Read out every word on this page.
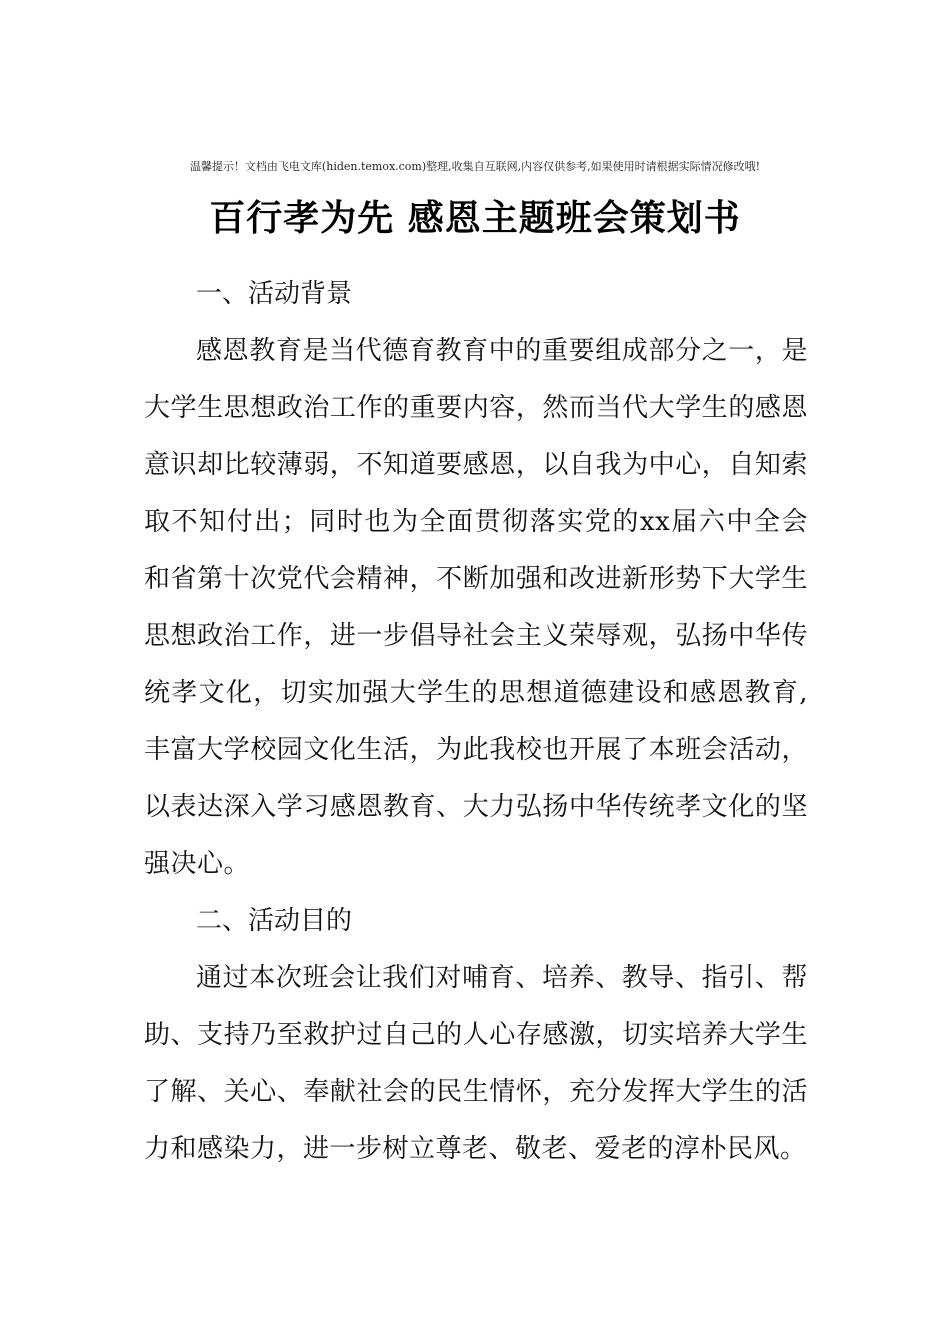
温馨提示！文档由飞电文库(hiden.temox.com)整理,收集自互联网,内容仅供参考,如果使用时请根据实际情况修改哦!
百行孝为先 感恩主题班会策划书

一、活动背景

感恩教育是当代德育教育中的重要组成部分之一，是大学生思想政治工作的重要内容，然而当代大学生的感恩意识却比较薄弱，不知道要感恩，以自我为中心，自知索取不知付出；同时也为全面贯彻落实党的xx届六中全会和省第十次党代会精神，不断加强和改进新形势下大学生思想政治工作，进一步倡导社会主义荣辱观，弘扬中华传统孝文化，切实加强大学生的思想道德建设和感恩教育,丰富大学校园文化生活，为此我校也开展了本班会活动，以表达深入学习感恩教育、大力弘扬中华传统孝文化的坚强决心。

二、活动目的

通过本次班会让我们对哺育、培养、教导、指引、帮助、支持乃至救护过自己的人心存感激，切实培养大学生了解、关心、奉献社会的民生情怀，充分发挥大学生的活力和感染力，进一步树立尊老、敬老、爱老的淳朴民风。
